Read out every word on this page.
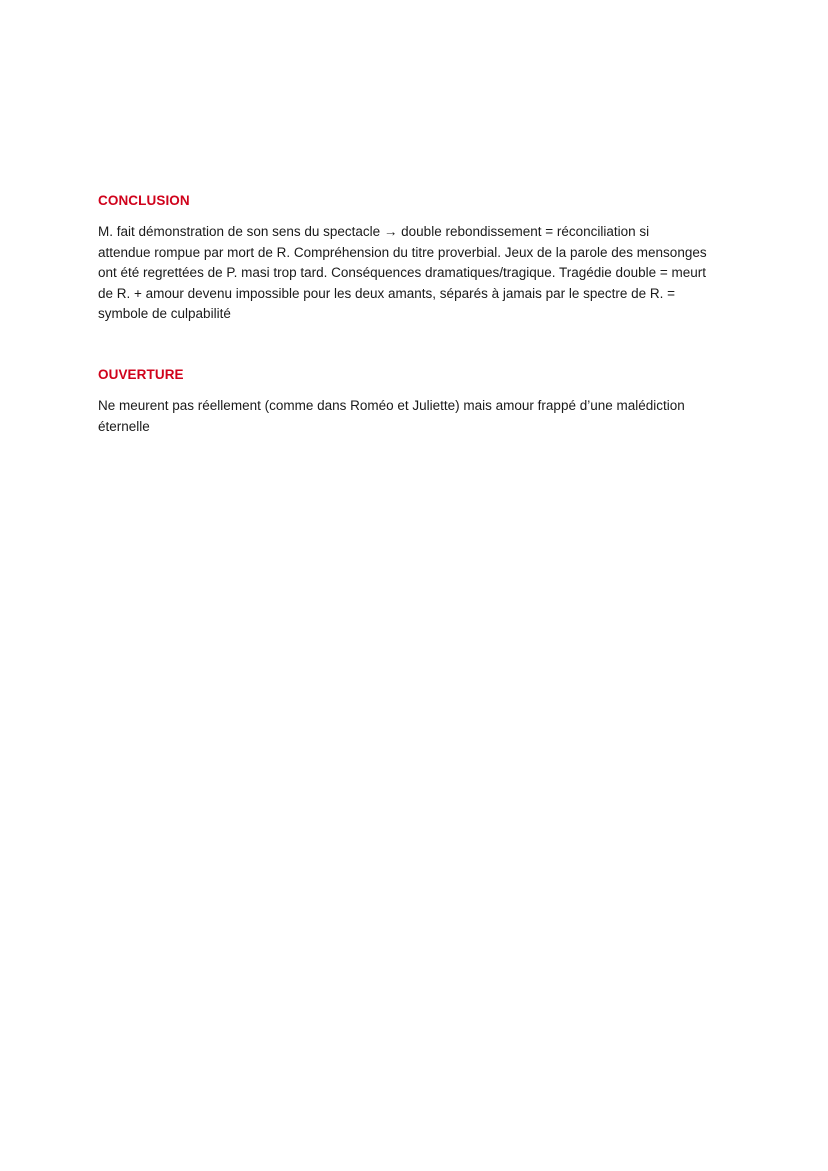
CONCLUSION

M. fait démonstration de son sens du spectacle → double rebondissement = réconciliation si
attendue rompue par mort de R. Compréhension du titre proverbial. Jeux de la parole des mensonges
ont été regrettées de P. masi trop tard. Conséquences dramatiques/tragique. Tragédie double = meurt
de R. + amour devenu impossible pour les deux amants, séparés à jamais par le spectre de R. =
symbole de culpabilité

OUVERTURE

Ne meurent pas réellement (comme dans Roméo et Juliette) mais amour frappé d’une malédiction
éternelle
